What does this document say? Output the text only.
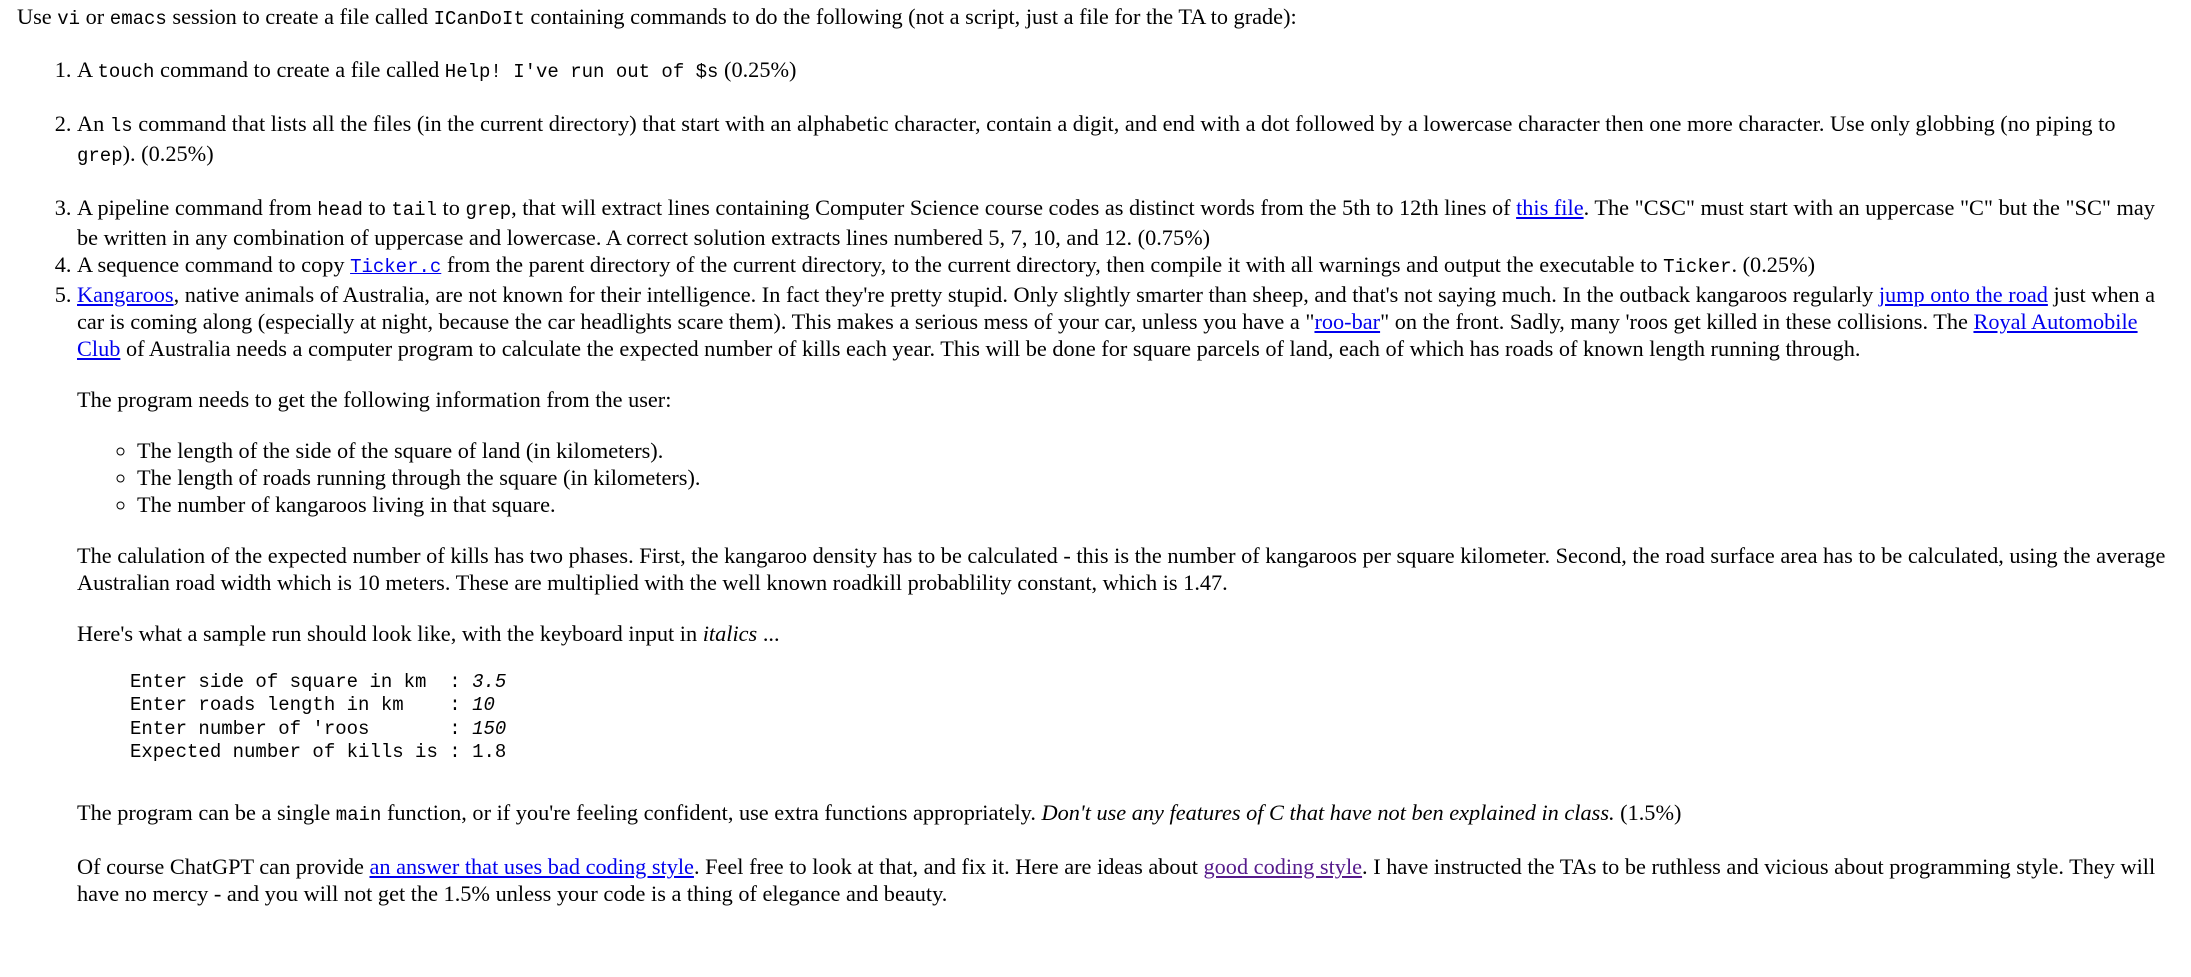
Use vi or emacs session to create a file called ICanDoIt containing commands to do the following (not a script, just a file for the TA to grade):

1. A touch command to create a file called Help! I've run out of $s (0.25%)
2. An ls command that lists all the files (in the current directory) that start with an alphabetic character, contain a digit, and end with a dot followed by a lowercase character then one more character. Use only globbing (no piping to grep). (0.25%)
3. A pipeline command from head to tail to grep, that will extract lines containing Computer Science course codes as distinct words from the 5th to 12th lines of this file. The "CSC" must start with an uppercase "C" but the "SC" may be written in any combination of uppercase and lowercase. A correct solution extracts lines numbered 5, 7, 10, and 12. (0.75%)
4. A sequence command to copy Ticker.c from the parent directory of the current directory, to the current directory, then compile it with all warnings and output the executable to Ticker. (0.25%)

5. Kangaroos, native animals of Australia, are not known for their intelligence. In fact they're pretty stupid. Only slightly smarter than sheep, and that's not saying much. In the outback kangaroos regularly jump onto the road just when a car is coming along (especially at night, because the car headlights scare them). This makes a serious mess of your car, unless you have a "roo-bar" on the front. Sadly, many 'roos get killed in these collisions. The Royal Automobile Club of Australia needs a computer program to calculate the expected number of kills each year. This will be done for square parcels of land, each of which has roads of known length running through.

The program needs to get the following information from the user:

◦ The length of the side of the square of land (in kilometers).
◦ The length of roads running through the square (in kilometers).
◦ The number of kangaroos living in that square.

The calulation of the expected number of kills has two phases. First, the kangaroo density has to be calculated - this is the number of kangaroos per square kilometer. Second, the road surface area has to be calculated, using the average Australian road width which is 10 meters. These are multiplied with the well known roadkill probablility constant, which is 1.47.

Here's what a sample run should look like, with the keyboard input in italics ...

Enter side of square in km  : 3.5
Enter roads length in km    : 10
Enter number of 'roos       : 150
Expected number of kills is : 1.8

The program can be a single main function, or if you're feeling confident, use extra functions appropriately. Don't use any features of C that have not ben explained in class. (1.5%)

Of course ChatGPT can provide an answer that uses bad coding style. Feel free to look at that, and fix it. Here are ideas about good coding style. I have instructed the TAs to be ruthless and vicious about programming style. They will have no mercy - and you will not get the 1.5% unless your code is a thing of elegance and beauty.
